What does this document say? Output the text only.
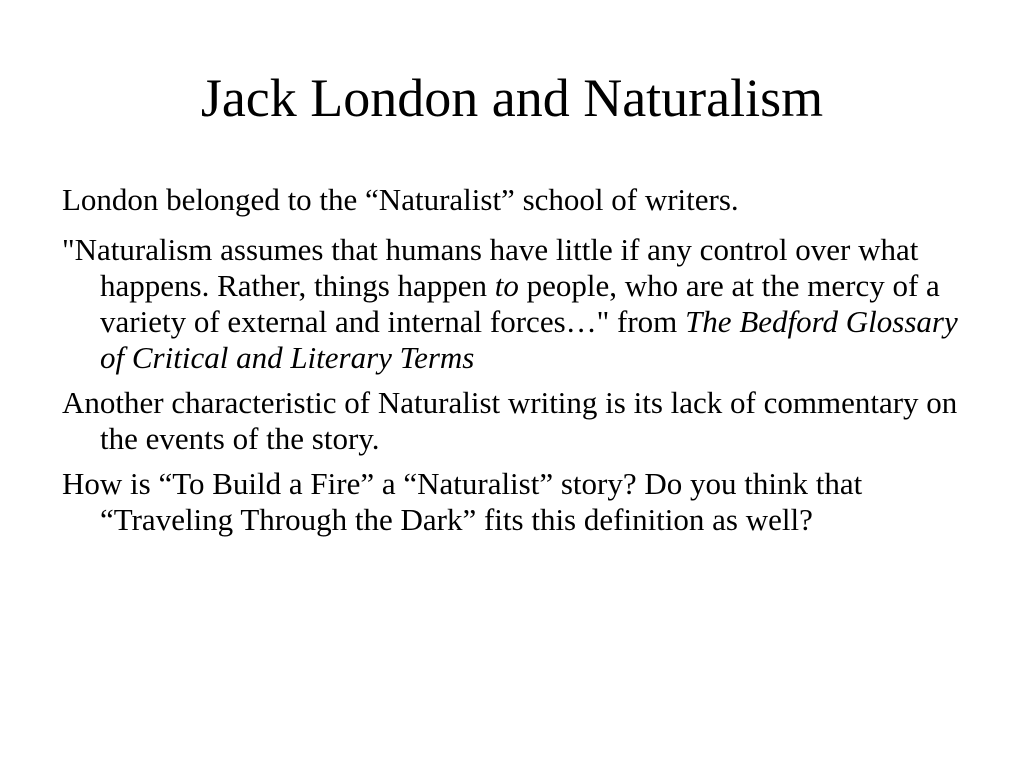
Jack London and Naturalism
London belonged to the “Naturalist” school of writers.
"Naturalism assumes that humans have little if any control over what happens. Rather, things happen to people, who are at the mercy of a variety of external and internal forces…" from The Bedford Glossary of Critical and Literary Terms
Another characteristic of Naturalist writing is its lack of commentary on the events of the story.
How is “To Build a Fire” a “Naturalist” story? Do you think that “Traveling Through the Dark” fits this definition as well?
